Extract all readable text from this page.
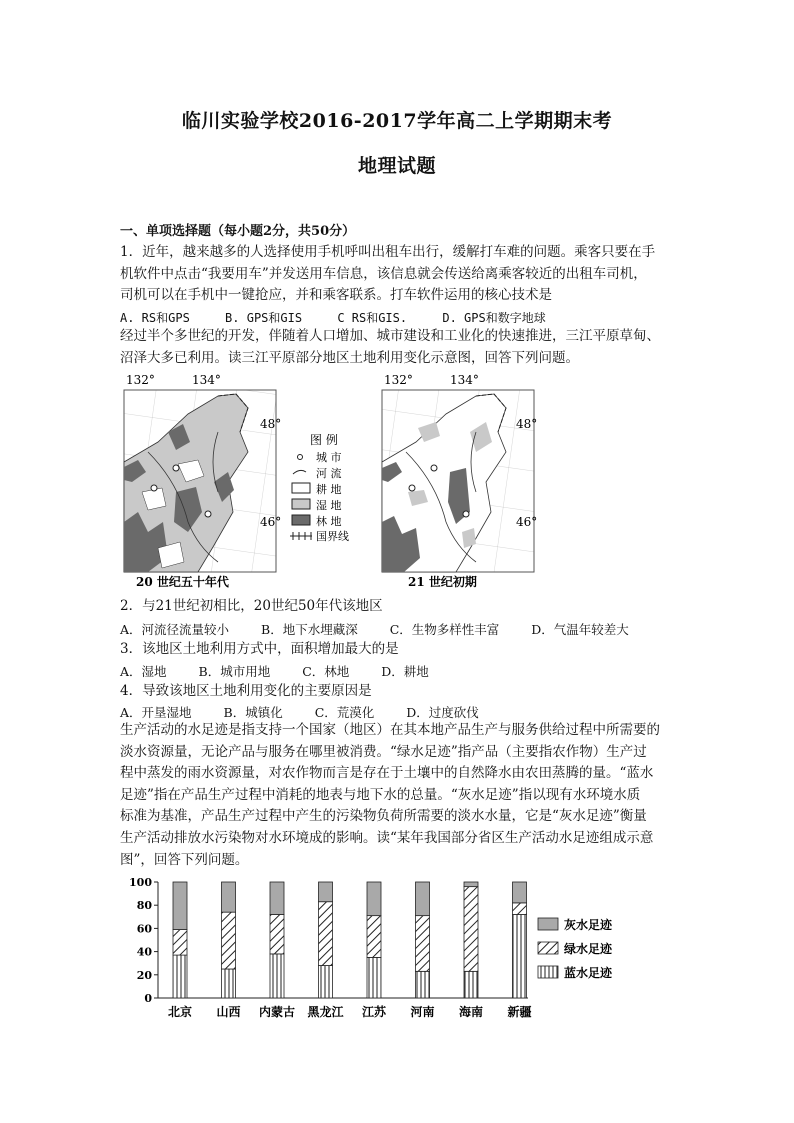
临川实验学校2016-2017学年高二上学期期末考
地理试题
一、单项选择题（每小题2分，共50分）
1．近年，越来越多的人选择使用手机呼叫出租车出行，缓解打车难的问题。乘客只要在手
机软件中点击“我要用车”并发送用车信息，该信息就会传送给离乘客较近的出租车司机，
司机可以在手机中一键抢应，并和乘客联系。打车软件运用的核心技术是
A. RS和GPS	B. GPS和GIS	C RS和GIS.	D. GPS和数字地球
经过半个多世纪的开发，伴随着人口增加、城市建设和工业化的快速推进，三江平原草甸、
沼泽大多已利用。读三江平原部分地区土地利用变化示意图，回答下列问题。
132°	134°	132°	134°
20 世纪五十年代
48°
46°
图 例
城 市
河 流
耕 地
湿 地
林 地
国界线
21 世纪初期
48°
46°
2．与21世纪初相比，20世纪50年代该地区
A．河流径流量较小	B．地下水埋藏深	C．生物多样性丰富	D．气温年较差大
3．该地区土地利用方式中，面积增加最大的是
A．湿地	B．城市用地	C．林地	D．耕地
4．导致该地区土地利用变化的主要原因是
A．开垦湿地	B．城镇化	C．荒漠化	D．过度砍伐
生产活动的水足迹是指支持一个国家（地区）在其本地产品生产与服务供给过程中所需要的
淡水资源量，无论产品与服务在哪里被消费。“绿水足迹”指产品（主要指农作物）生产过
程中蒸发的雨水资源量，对农作物而言是存在于土壤中的自然降水由农田蒸腾的量。“蓝水
足迹”指在产品生产过程中消耗的地表与地下水的总量。“灰水足迹”指以现有水环境水质
标准为基准，产品生产过程中产生的污染物负荷所需要的淡水水量，它是“灰水足迹”衡量
生产活动排放水污染物对水环境成的影响。读“某年我国部分省区生产活动水足迹组成示意
图”，回答下列问题。
0
20
40
60
80
100
北京 山西 内蒙古 黑龙江 江苏 河南 海南 新疆
灰水足迹
绿水足迹
蓝水足迹
